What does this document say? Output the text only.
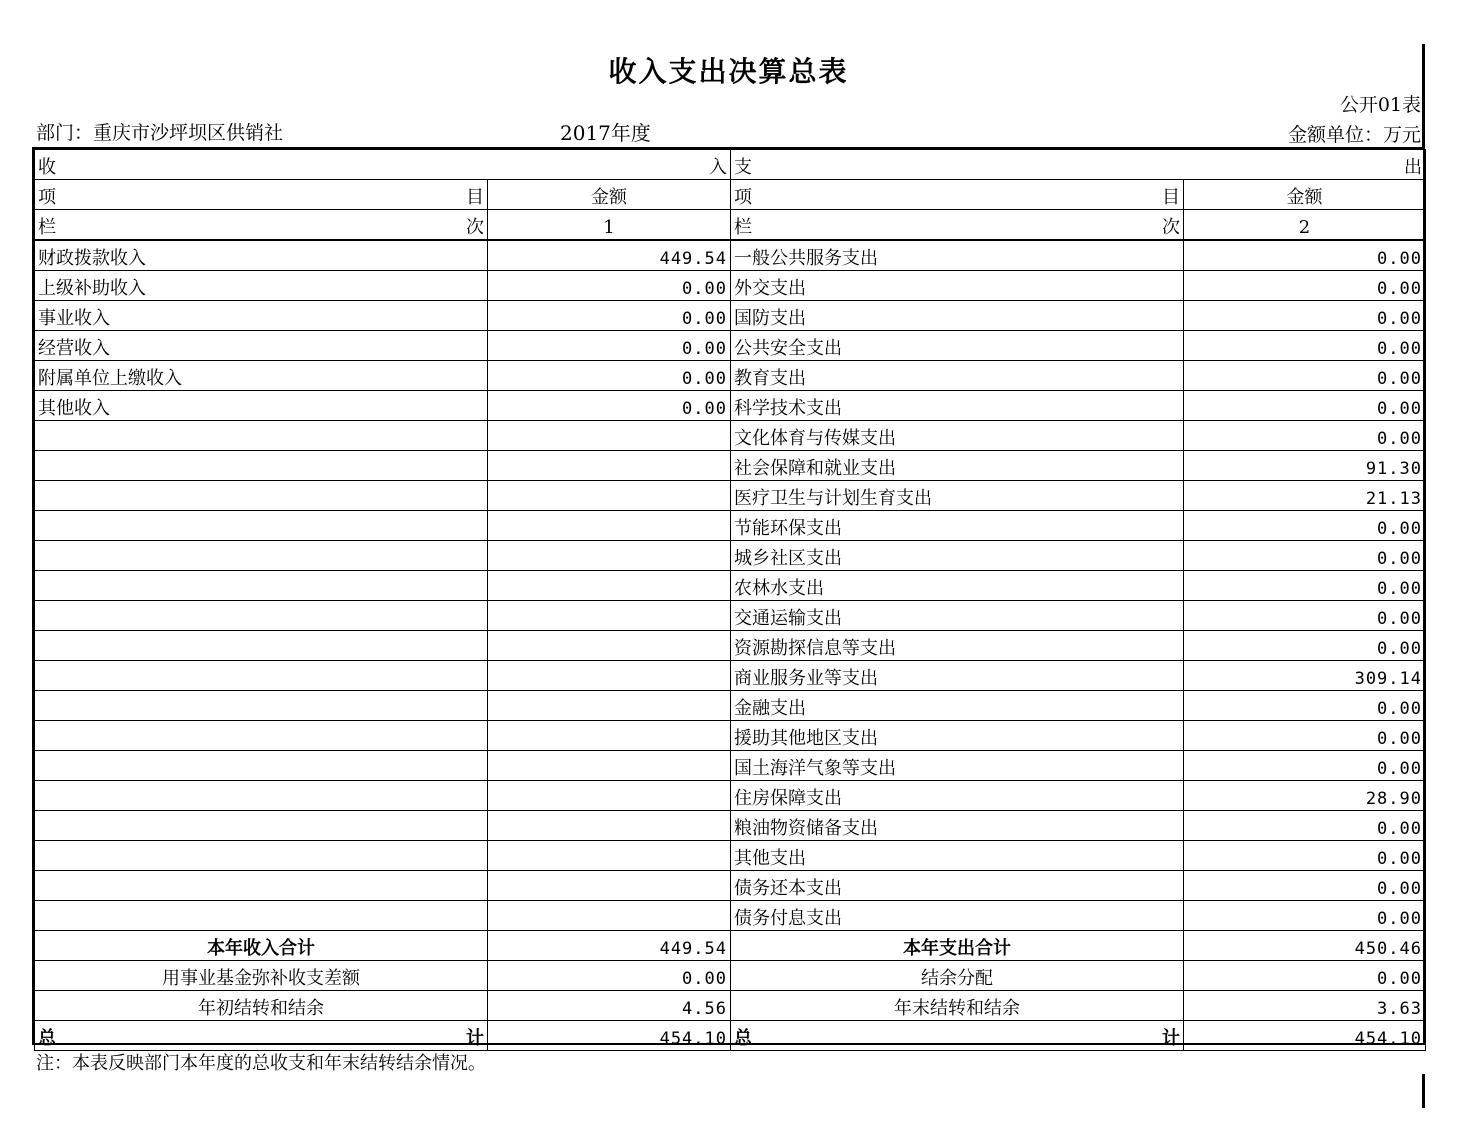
收入支出决算总表
公开01表
部门：重庆市沙坪坝区供销社	2017年度	金额单位：万元
收 入		支 出	

项 目	金额	项 目	金额

栏 次	1	栏 次	2
财政拨款收入	449.54	一般公共服务支出	0.00
上级补助收入	0.00	外交支出	0.00
事业收入	0.00	国防支出	0.00
经营收入	0.00	公共安全支出	0.00
附属单位上缴收入	0.00	教育支出	0.00
其他收入	0.00	科学技术支出	0.00
		文化体育与传媒支出	0.00
		社会保障和就业支出	91.30
		医疗卫生与计划生育支出	21.13
		节能环保支出	0.00
		城乡社区支出	0.00
		农林水支出	0.00
		交通运输支出	0.00
		资源勘探信息等支出	0.00
		商业服务业等支出	309.14
		金融支出	0.00
		援助其他地区支出	0.00
		国土海洋气象等支出	0.00
		住房保障支出	28.90
		粮油物资储备支出	0.00
		其他支出	0.00
		债务还本支出	0.00
		债务付息支出	0.00
本年收入合计	449.54	本年支出合计	450.46
用事业基金弥补收支差额	0.00	结余分配	0.00
年初结转和结余	4.56	年末结转和结余	3.63

总 计	454.10	总 计	454.10
注：本表反映部门本年度的总收支和年末结转结余情况。
